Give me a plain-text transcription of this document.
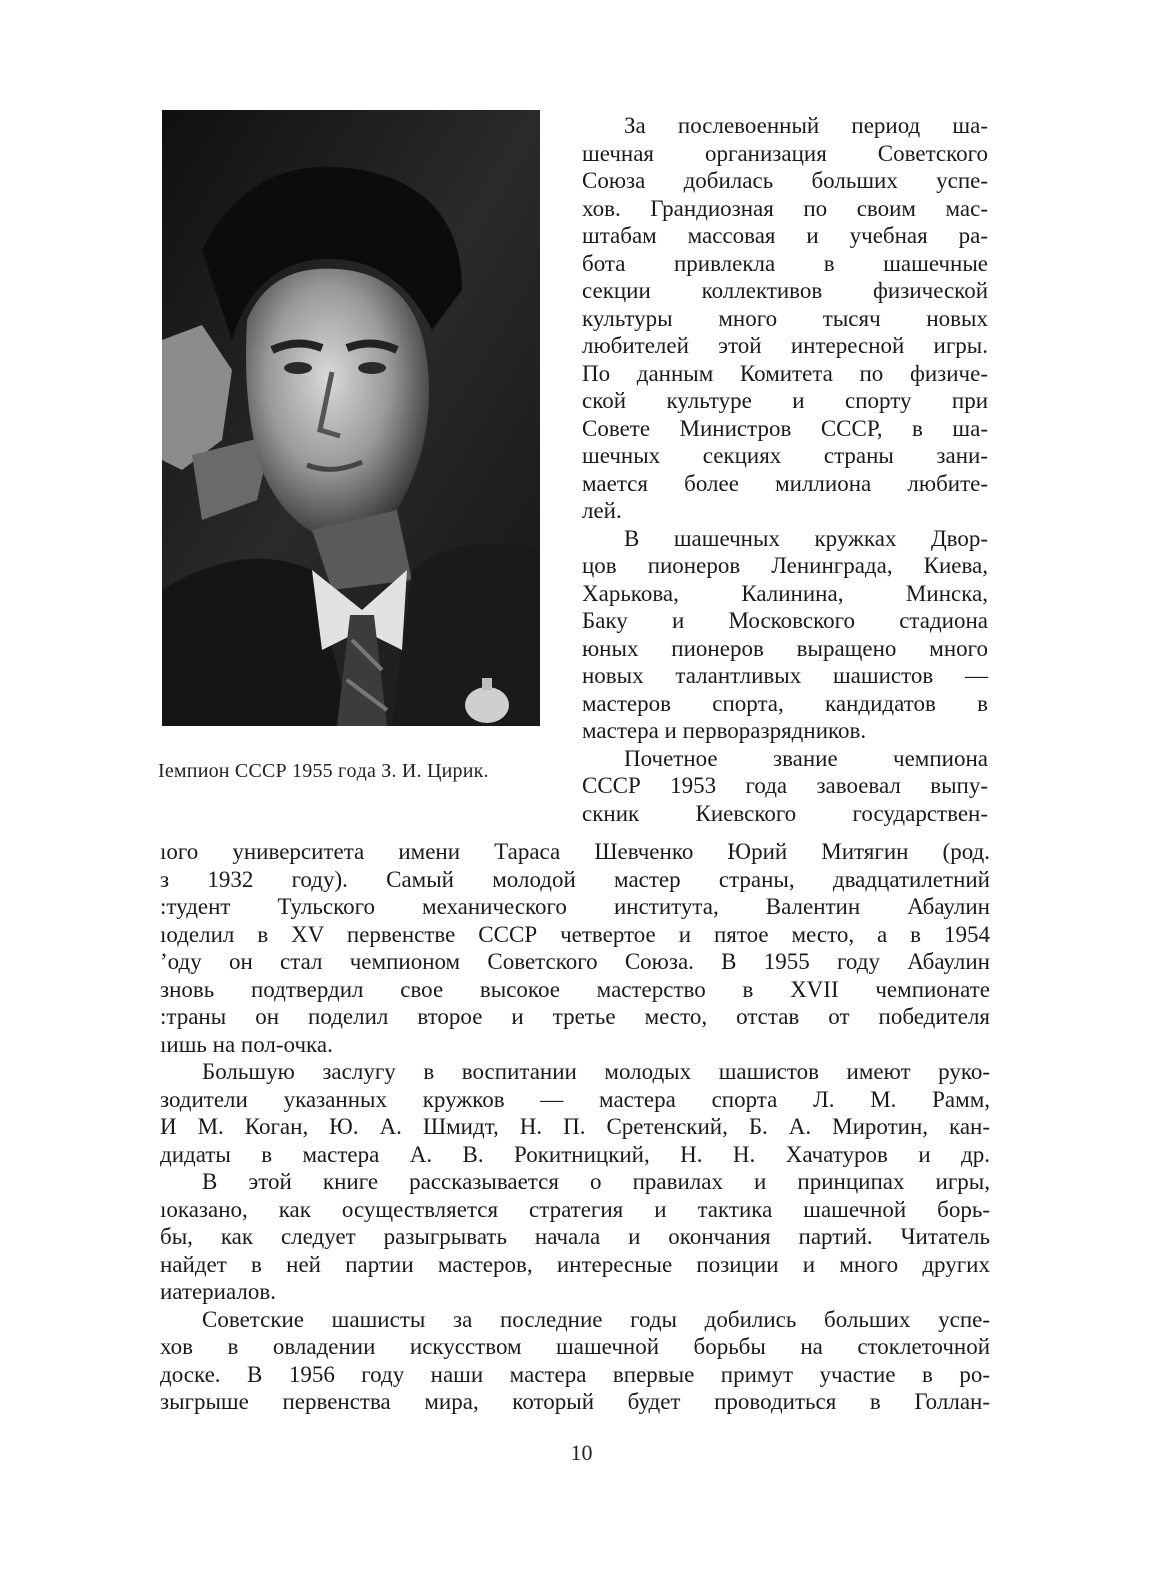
Iемпион СССР 1955 гoда З. И. Цирик.
За послевоенный период ша-
шечная организация Советского
Союза добилась больших успе-
хов. Грандиозная по своим мас-
штабам массовая и учебная ра-
бота привлекла в шашечные
секции коллективов физической
культуры много тысяч новых
любителей этой интересной игры.
По данным Комитета по физиче-
ской культуре и спорту при
Совете Министров СССР, в ша-
шечных секциях страны зани-
мается более миллиона любите-
лей.
В шашечных кружках Двор-
цов пионеров Ленинграда, Киева,
Харькова, Калинина, Минска,
Баку и Московского стадиона
юных пионеров выращено много
новых талантливых шашистов —
мастеров спорта, кандидатов в
мастера и перворазрядников.
Почетное звание чемпиона
СССР 1953 года завоевал выпу-
скник Киевского государствен-
ıого университета имени Тараса Шевченко Юрий Митягин (род.
з 1932 году). Самый молодой мастер страны, двадцатилетний
:тудент Тульского механического института, Валентин Абаулин
ıоделил в XV первенстве СССР четвертое и пятое место, а в 1954
ʼоду он стал чемпионом Советского Союза. В 1955 году Абаулин
зновь подтвердил свое высокое мастерство в XVII чемпионате
:траны он поделил второе и третье место, отстав от победителя
ıишь на пол-очка.
Большую заслугу в воспитании молодых шашистов имеют руко-
зодители указанных кружков — мастера спорта Л. М. Рамм,
И М. Коган, Ю. А. Шмидт, Н. П. Сретенский, Б. А. Миротин, кан-
дидаты в мастера А. В. Рокитницкий, Н. Н. Хачатуров и др.
В этой книге рассказывается о правилах и принципах игры,
ıоказано, как осуществляется стратегия и тактика шашечной борь-
бы, как следует разыгрывать начала и окончания партий. Читатель
найдет в ней партии мастеров, интересные позиции и много других
иатериалов.
Советские шашисты за последние годы добились больших успе-
хов в овладении искусством шашечной борьбы на стоклеточной
доске. В 1956 году наши мастера впервые примут участие в ро-
зыгрыше первенства мира, который будет проводиться в Голлан-
10
